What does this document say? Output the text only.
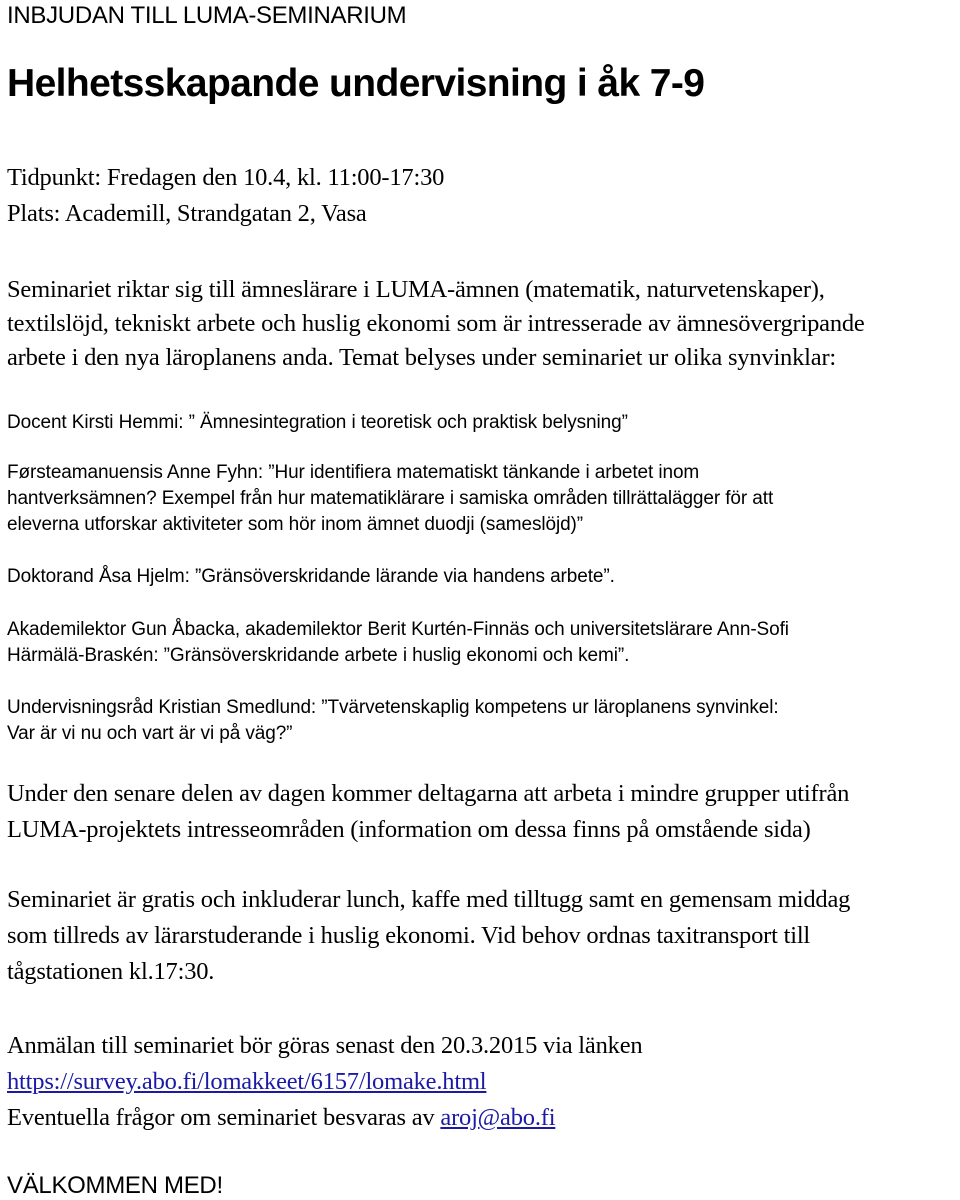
INBJUDAN TILL LUMA-SEMINARIUM
Helhetsskapande undervisning i åk 7-9
Tidpunkt: Fredagen den 10.4, kl. 11:00-17:30
Plats: Academill, Strandgatan 2, Vasa
Seminariet riktar sig till ämneslärare i LUMA-ämnen (matematik, naturvetenskaper),
textilslöjd, tekniskt arbete och huslig ekonomi som är intresserade av ämnesövergripande
arbete i den nya läroplanens anda. Temat belyses under seminariet ur olika synvinklar:
Docent Kirsti Hemmi: ” Ämnesintegration i teoretisk och praktisk belysning”
Førsteamanuensis Anne Fyhn: ”Hur identifiera matematiskt tänkande i arbetet inom
hantverksämnen? Exempel från hur matematiklärare i samiska områden tillrättalägger för att
eleverna utforskar aktiviteter som hör inom ämnet duodji (sameslöjd)”
Doktorand Åsa Hjelm: ”Gränsöverskridande lärande via handens arbete”.
Akademilektor Gun Åbacka, akademilektor Berit Kurtén-Finnäs och universitetslärare Ann-Sofi
Härmälä-Braskén: ”Gränsöverskridande arbete i huslig ekonomi och kemi”.
Undervisningsråd Kristian Smedlund: ”Tvärvetenskaplig kompetens ur läroplanens synvinkel:
Var är vi nu och vart är vi på väg?”
Under den senare delen av dagen kommer deltagarna att arbeta i mindre grupper utifrån
LUMA-projektets intresseområden (information om dessa finns på omstående sida)
Seminariet är gratis och inkluderar lunch, kaffe med tilltugg samt en gemensam middag
som tillreds av lärarstuderande i huslig ekonomi. Vid behov ordnas taxitransport till
tågstationen kl.17:30.
Anmälan till seminariet bör göras senast den 20.3.2015 via länken
https://survey.abo.fi/lomakkeet/6157/lomake.html
Eventuella frågor om seminariet besvaras av aroj@abo.fi
VÄLKOMMEN MED!
